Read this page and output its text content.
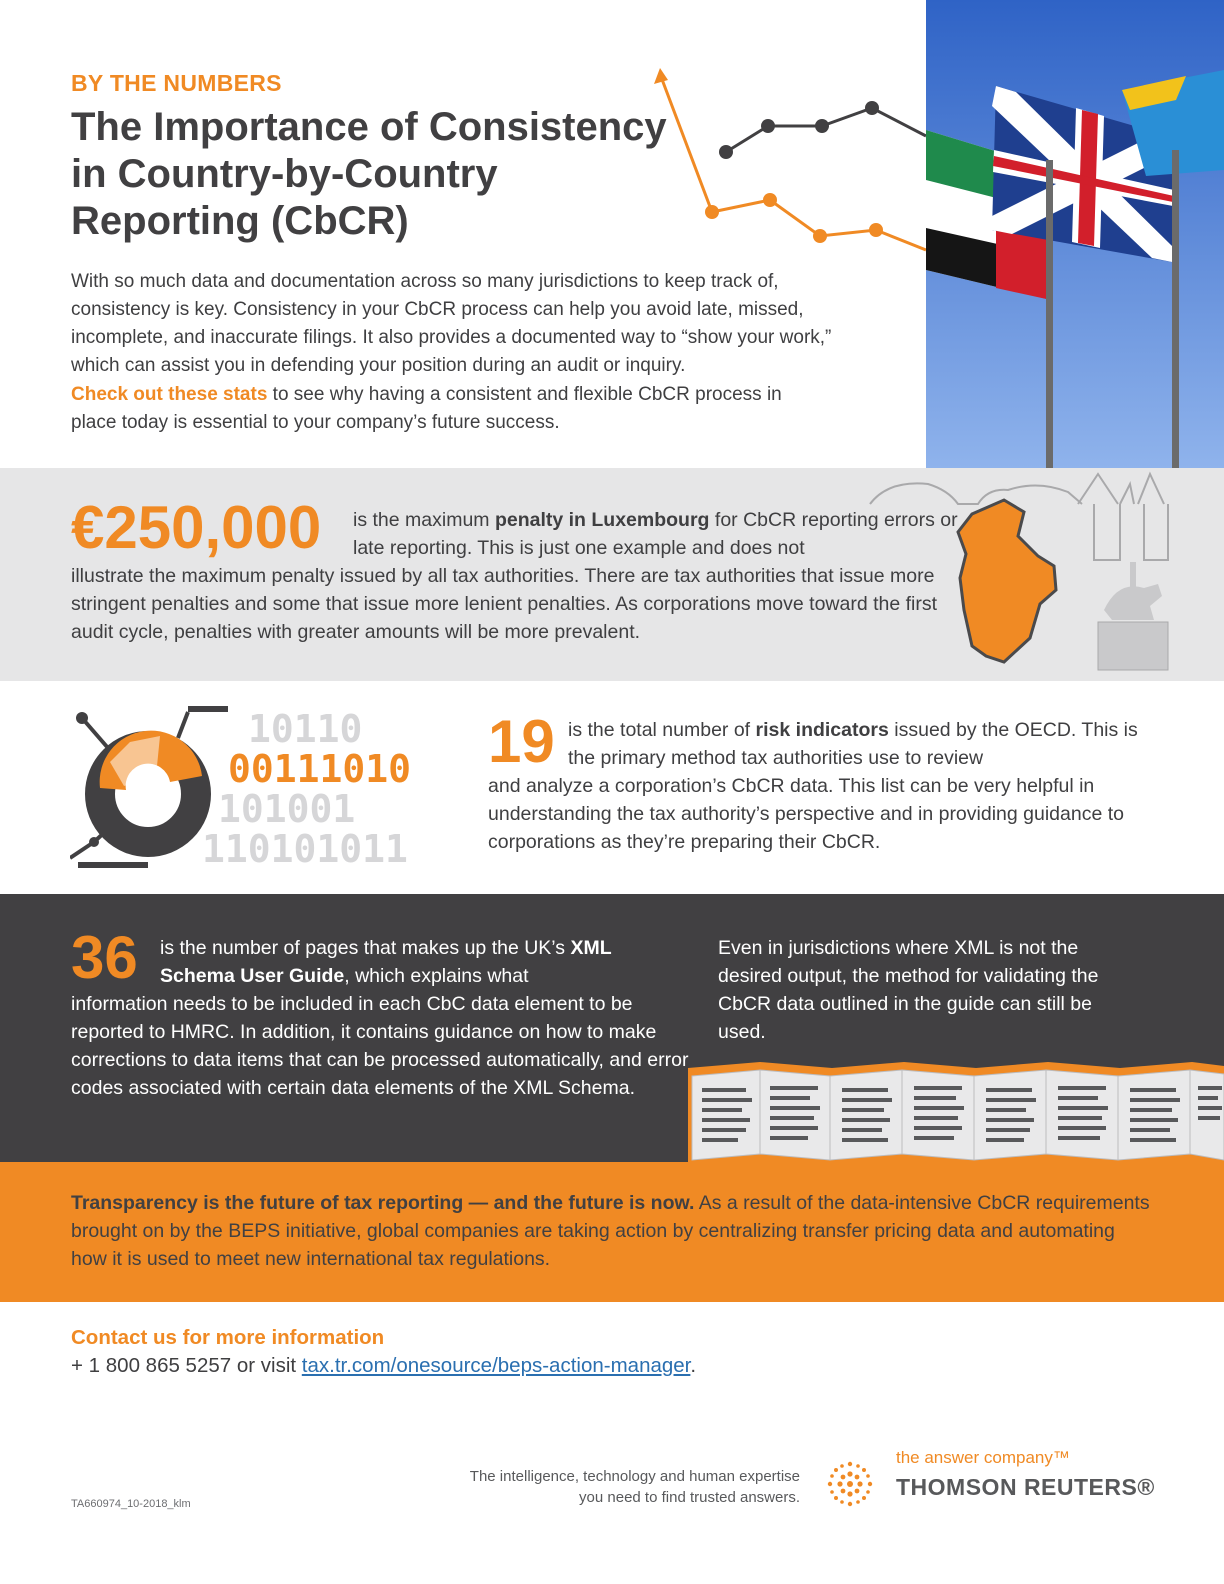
BY THE NUMBERS
The Importance of Consistency in Country-by-Country Reporting (CbCR)

With so much data and documentation across so many jurisdictions to keep track of, consistency is key. Consistency in your CbCR process can help you avoid late, missed, incomplete, and inaccurate filings. It also provides a documented way to “show your work,” which can assist you in defending your position during an audit or inquiry.

Check out these stats to see why having a consistent and flexible CbCR process in place today is essential to your company’s future success.

€250,000 is the maximum penalty in Luxembourg for CbCR reporting errors or late reporting. This is just one example and does not

illustrate the maximum penalty issued by all tax authorities. There are tax authorities that issue more stringent penalties and some that issue more lenient penalties. As corporations move toward the first audit cycle, penalties with greater amounts will be more prevalent.

10110
00111010
101001
110101011
19 is the total number of risk indicators issued by the OECD. This is the primary method tax authorities use to review

and analyze a corporation’s CbCR data. This list can be very helpful in understanding the tax authority’s perspective and in providing guidance to corporations as they’re preparing their CbCR.

36 is the number of pages that makes up the UK’s XML Schema User Guide, which explains what

information needs to be included in each CbC data element to be reported to HMRC. In addition, it contains guidance on how to make corrections to data items that can be processed automatically, and error codes associated with certain data elements of the XML Schema.

Even in jurisdictions where XML is not the desired output, the method for validating the CbCR data outlined in the guide can still be used.

Transparency is the future of tax reporting — and the future is now. As a result of the data-intensive CbCR requirements brought on by the BEPS initiative, global companies are taking action by centralizing transfer pricing data and automating how it is used to meet new international tax regulations.

Contact us for more information
+ 1 800 865 5257 or visit tax.tr.com/onesource/beps-action-manager.
The intelligence, technology and human expertise
you need to find trusted answers.
TA660974_10-2018_klm
the answer company™
THOMSON REUTERS®
